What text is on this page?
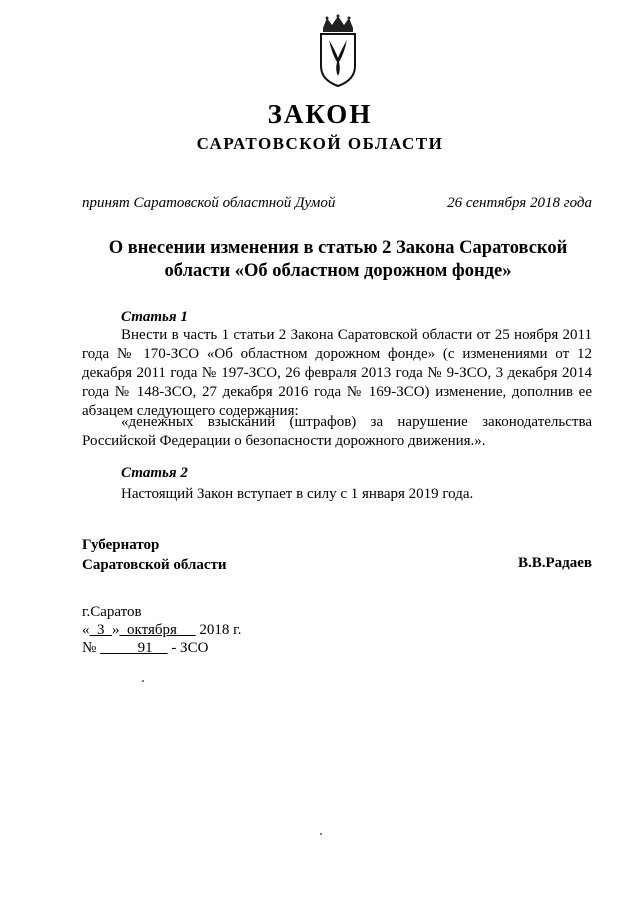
ЗАКОН
САРАТОВСКОЙ ОБЛАСТИ
принят Саратовской областной Думой	26 сентября 2018 года
О внесении изменения в статью 2 Закона Саратовской области «Об областном дорожном фонде»
Статья 1
Внести в часть 1 статьи 2 Закона Саратовской области от 25 ноября 2011 года № 170-ЗСО «Об областном дорожном фонде» (с изменениями от 12 декабря 2011 года № 197-ЗСО, 26 февраля 2013 года № 9-ЗСО, 3 декабря 2014 года № 148-ЗСО, 27 декабря 2016 года № 169-ЗСО) изменение, дополнив ее абзацем следующего содержания:
«денежных взысканий (штрафов) за нарушение законодательства Российской Федерации о безопасности дорожного движения.».
Статья 2
Настоящий Закон вступает в силу с 1 января 2019 года.
Губернатор
Саратовской области	В.В.Радаев
г.Саратов
« 3 » октября 2018 г.
№	91 - ЗСО
